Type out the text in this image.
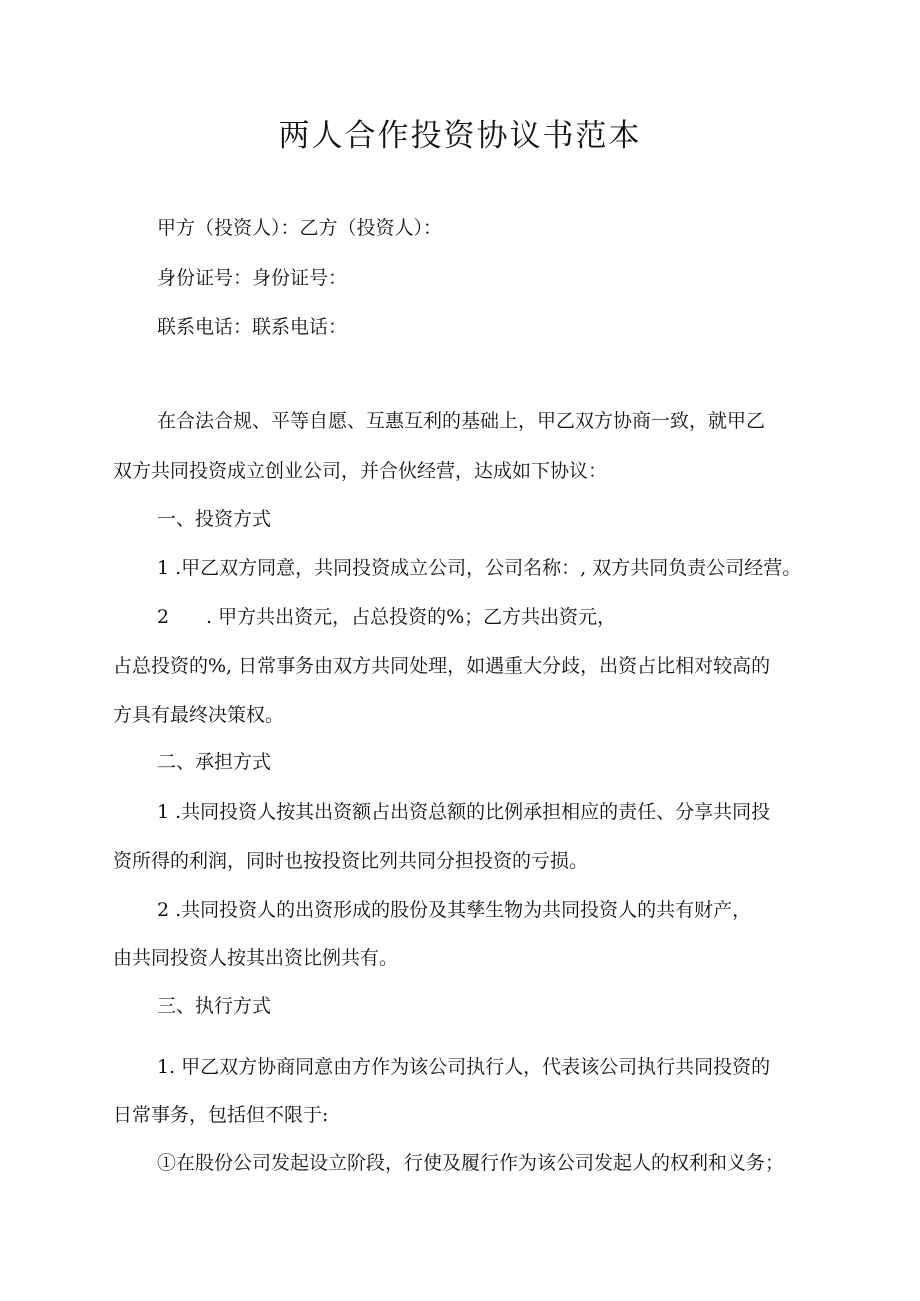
两人合作投资协议书范本
甲方（投资人）：乙方（投资人）：
身份证号：身份证号：
联系电话：联系电话：
在合法合规、平等自愿、互惠互利的基础上，甲乙双方协商一致，就甲乙
双方共同投资成立创业公司，并合伙经营，达成如下协议：
一、投资方式
1 .甲乙双方同意，共同投资成立公司，公司名称：, 双方共同负责公司经营。
2 . 甲方共出资元，占总投资的%；乙方共出资元，
占总投资的%, 日常事务由双方共同处理，如遇重大分歧，出资占比相对较高的
方具有最终决策权。
二、承担方式
1 .共同投资人按其出资额占出资总额的比例承担相应的责任、分享共同投
资所得的利润，同时也按投资比列共同分担投资的亏损。
2 .共同投资人的出资形成的股份及其孳生物为共同投资人的共有财产，
由共同投资人按其出资比例共有。
三、执行方式
1. 甲乙双方协商同意由方作为该公司执行人，代表该公司执行共同投资的
日常事务，包括但不限于:
①在股份公司发起设立阶段，行使及履行作为该公司发起人的权利和义务；
